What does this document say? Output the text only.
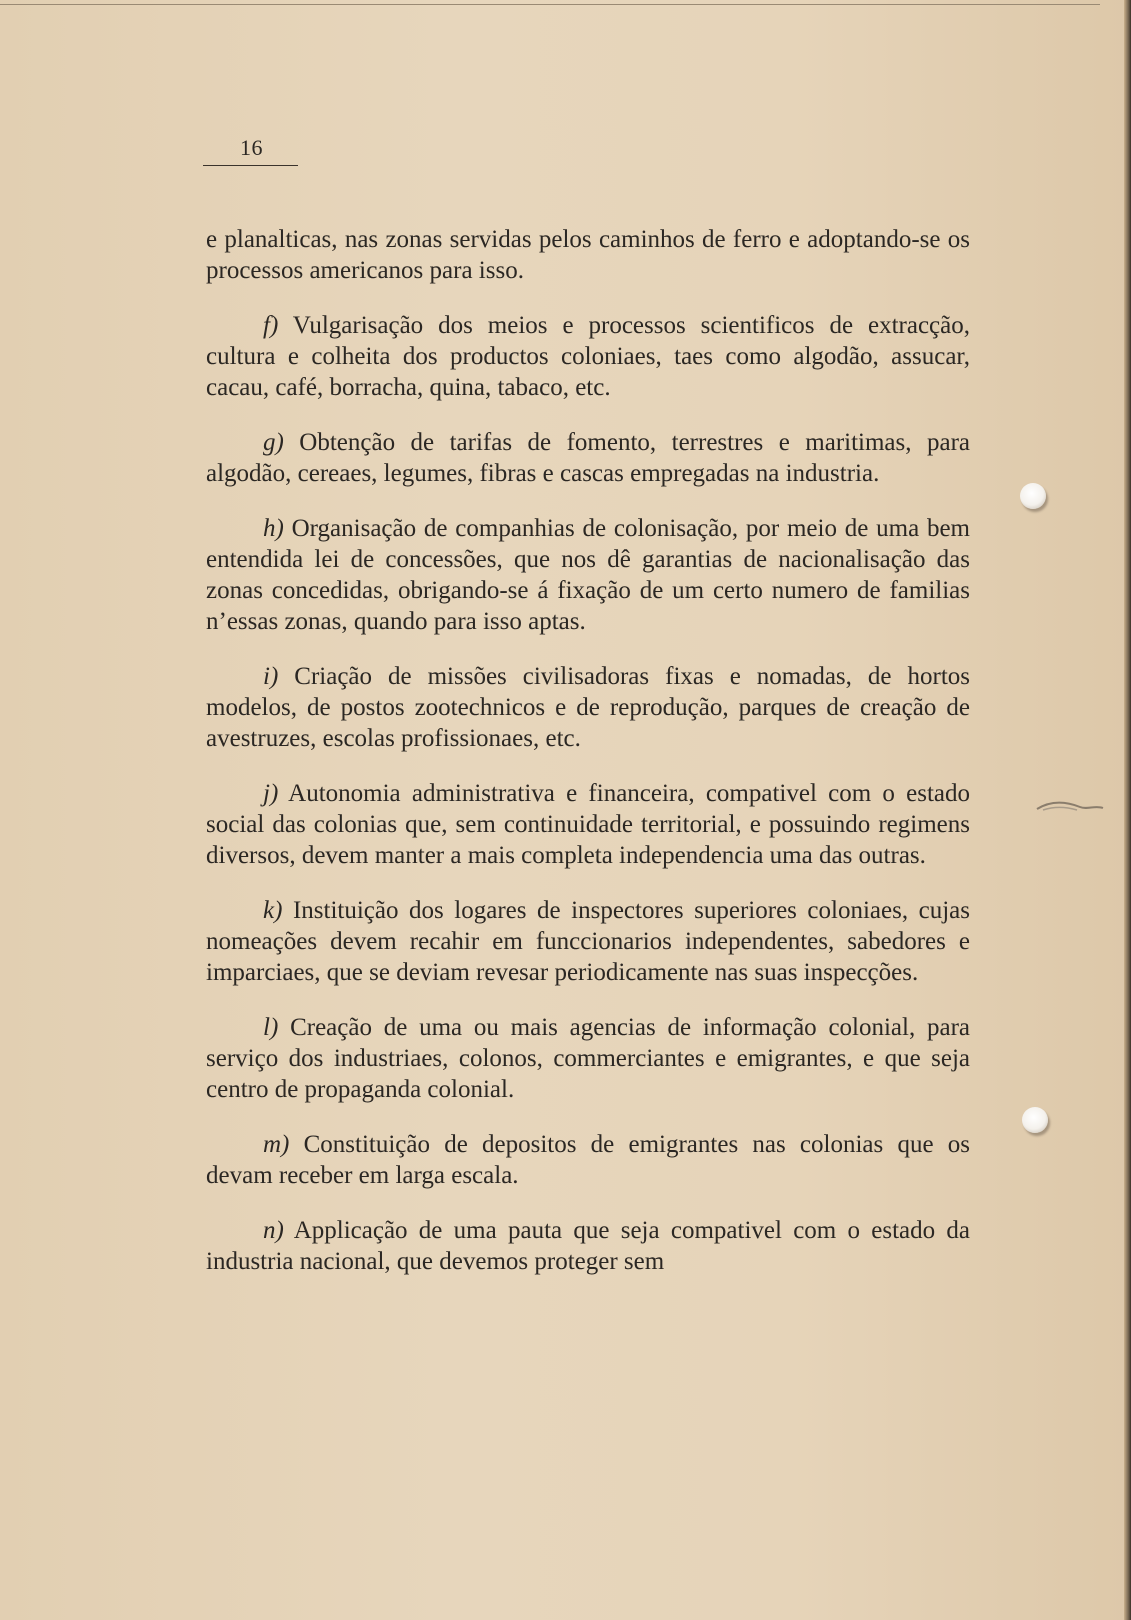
16

e planalticas, nas zonas servidas pelos caminhos de ferro e adoptando-se os processos americanos para isso.

f) Vulgarisação dos meios e processos scientificos de extracção, cultura e colheita dos productos coloniaes, taes como algodão, assucar, cacau, café, borracha, quina, tabaco, etc.

g) Obtenção de tarifas de fomento, terrestres e maritimas, para algodão, cereaes, legumes, fibras e cascas empregadas na industria.

h) Organisação de companhias de colonisação, por meio de uma bem entendida lei de concessões, que nos dê garantias de nacionalisação das zonas concedidas, obrigando-se á fixação de um certo numero de familias n’essas zonas, quando para isso aptas.

i) Criação de missões civilisadoras fixas e nomadas, de hortos modelos, de postos zootechnicos e de reprodução, parques de creação de avestruzes, escolas profissionaes, etc.

j) Autonomia administrativa e financeira, compativel com o estado social das colonias que, sem continuidade territorial, e possuindo regimens diversos, devem manter a mais completa independencia uma das outras.

k) Instituição dos logares de inspectores superiores coloniaes, cujas nomeações devem recahir em funccionarios independentes, sabedores e imparciaes, que se deviam revesar periodicamente nas suas inspecções.

l) Creação de uma ou mais agencias de informação colonial, para serviço dos industriaes, colonos, commerciantes e emigrantes, e que seja centro de propaganda colonial.

m) Constituição de depositos de emigrantes nas colonias que os devam receber em larga escala.

n) Applicação de uma pauta que seja compativel com o estado da industria nacional, que devemos proteger sem
